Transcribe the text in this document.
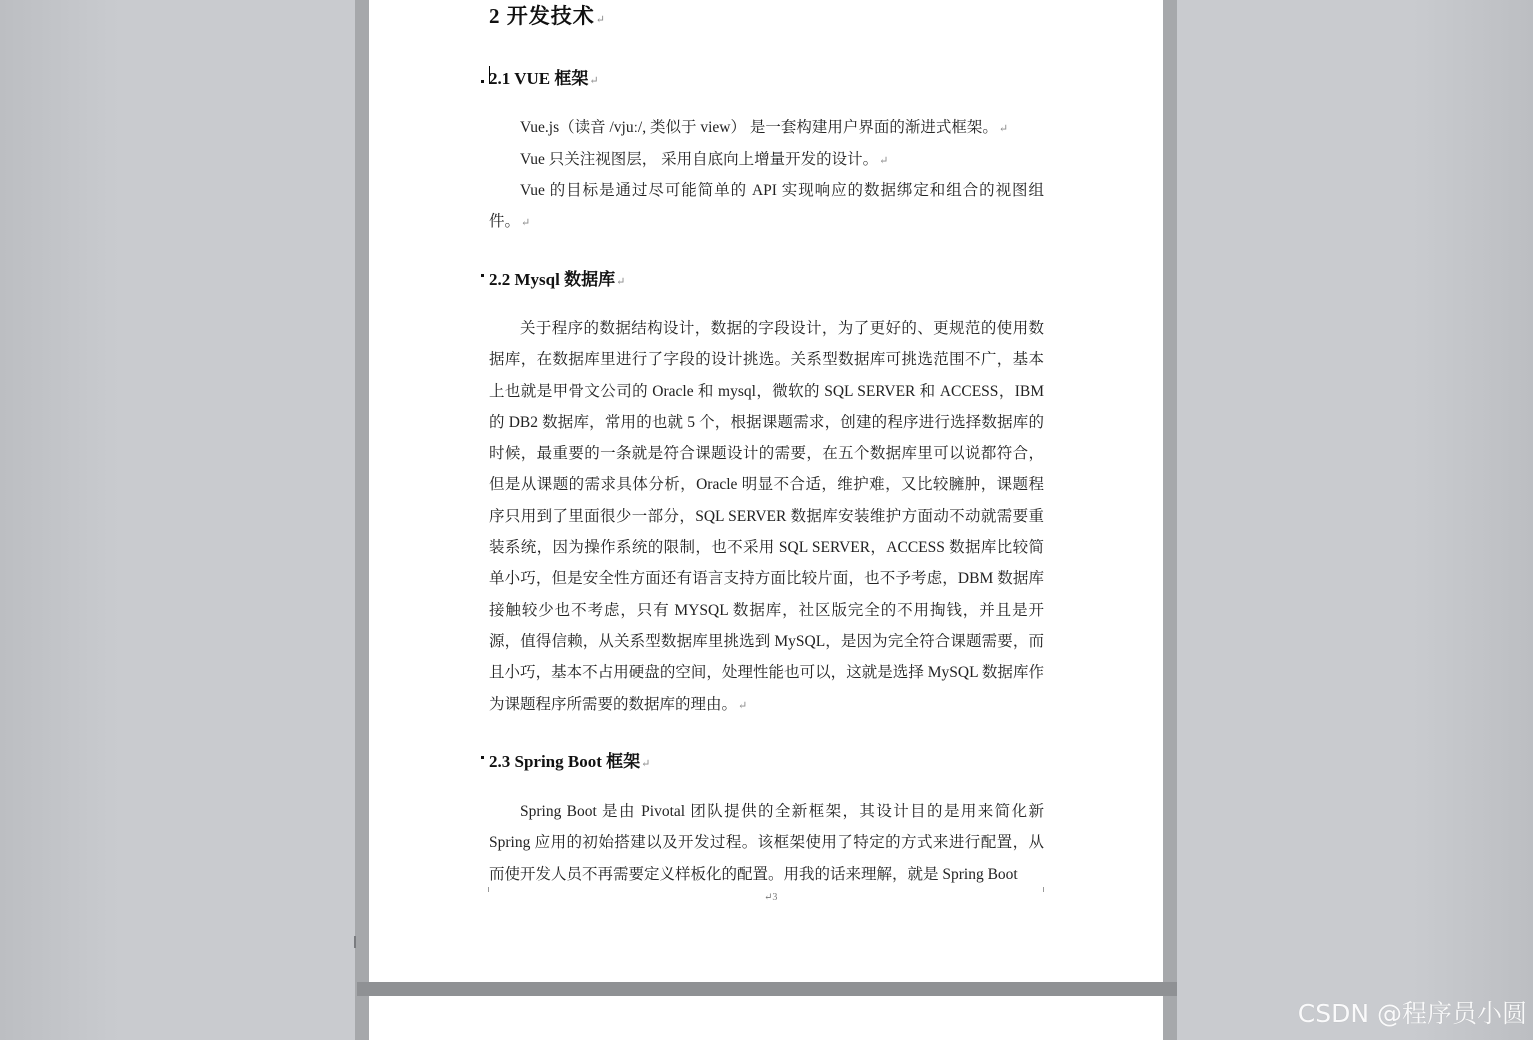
2 开发技术↵
2.1 VUE 框架↵
Vue.js（读音 /vjuː/, 类似于 view） 是一套构建用户界面的渐进式框架。↵
Vue 只关注视图层， 采用自底向上增量开发的设计。↵
Vue 的目标是通过尽可能简单的 API 实现响应的数据绑定和组合的视图组件。↵
2.2 Mysql 数据库↵
关于程序的数据结构设计，数据的字段设计，为了更好的、更规范的使用数据库，在数据库里进行了字段的设计挑选。关系型数据库可挑选范围不广，基本上也就是甲骨文公司的 Oracle 和 mysql，微软的 SQL SERVER 和 ACCESS，IBM 的 DB2 数据库，常用的也就 5 个，根据课题需求，创建的程序进行选择数据库的时候，最重要的一条就是符合课题设计的需要，在五个数据库里可以说都符合，但是从课题的需求具体分析，Oracle 明显不合适，维护难，又比较臃肿，课题程序只用到了里面很少一部分，SQL SERVER 数据库安装维护方面动不动就需要重装系统，因为操作系统的限制，也不采用 SQL SERVER，ACCESS 数据库比较简单小巧，但是安全性方面还有语言支持方面比较片面，也不予考虑，DBM 数据库接触较少也不考虑，只有 MYSQL 数据库，社区版完全的不用掏钱，并且是开源，值得信赖，从关系型数据库里挑选到 MySQL，是因为完全符合课题需要，而且小巧，基本不占用硬盘的空间，处理性能也可以，这就是选择 MySQL 数据库作为课题程序所需要的数据库的理由。↵
2.3 Spring Boot 框架↵
Spring Boot 是由 Pivotal 团队提供的全新框架，其设计目的是用来简化新 Spring 应用的初始搭建以及开发过程。该框架使用了特定的方式来进行配置，从而使开发人员不再需要定义样板化的配置。用我的话来理解，就是 Spring Boot
↵3
CSDN @程序员小圆
